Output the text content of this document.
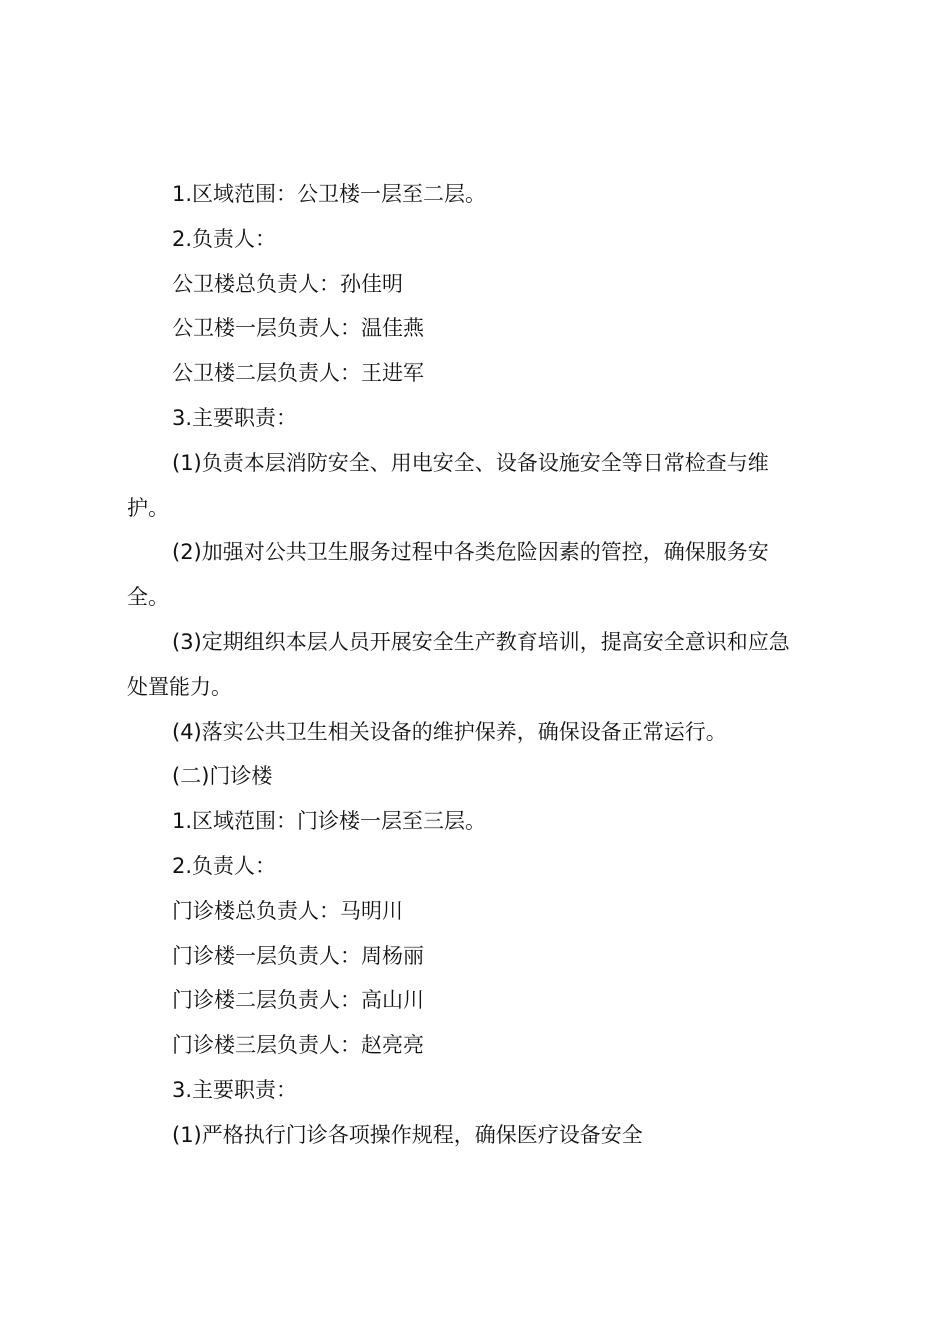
1.区域范围：公卫楼一层至二层。
2.负责人：
公卫楼总负责人：孙佳明
公卫楼一层负责人：温佳燕
公卫楼二层负责人：王进军
3.主要职责：
(1)负责本层消防安全、用电安全、设备设施安全等日常检查与维
护。
(2)加强对公共卫生服务过程中各类危险因素的管控，确保服务安
全。
(3)定期组织本层人员开展安全生产教育培训，提高安全意识和应急
处置能力。
(4)落实公共卫生相关设备的维护保养，确保设备正常运行。
(二)门诊楼
1.区域范围：门诊楼一层至三层。
2.负责人：
门诊楼总负责人：马明川
门诊楼一层负责人：周杨丽
门诊楼二层负责人：高山川
门诊楼三层负责人：赵亮亮
3.主要职责：
(1)严格执行门诊各项操作规程，确保医疗设备安全
